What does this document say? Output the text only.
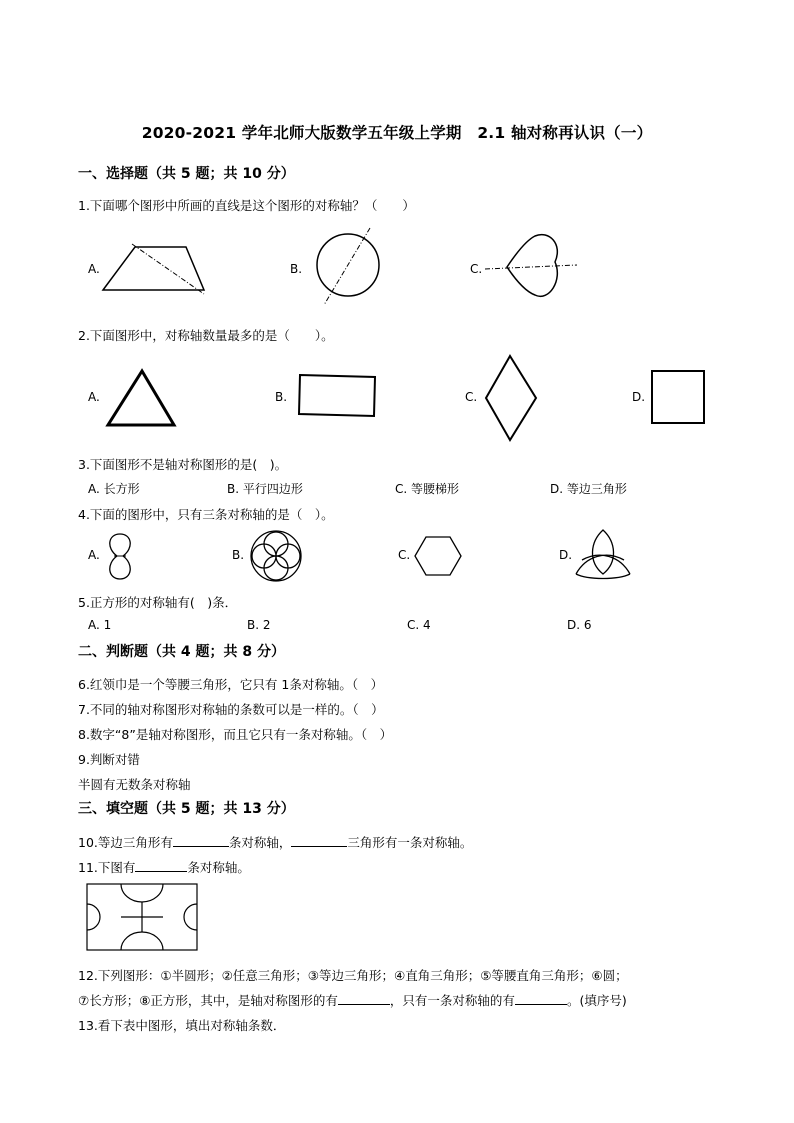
2020-2021 学年北师大版数学五年级上学期　2.1 轴对称再认识（一）
一、选择题（共 5 题；共 10 分）
1.下面哪个图形中所画的直线是这个图形的对称轴？（　　）
A.	B.	C.
2.下面图形中，对称轴数量最多的是（　　）。
A.	B.	C.	D.
3.下面图形不是轴对称图形的是(　)。
A. 长方形	B. 平行四边形	C. 等腰梯形	D. 等边三角形
4.下面的图形中，只有三条对称轴的是（　）。
A.	B.	C.	D.
5.正方形的对称轴有(　)条．
A. 1	B. 2	C. 4	D. 6
二、判断题（共 4 题；共 8 分）
6.红领巾是一个等腰三角形，它只有 1条对称轴。（　）
7.不同的轴对称图形对称轴的条数可以是一样的。（　）
8.数字“8”是轴对称图形，而且它只有一条对称轴。（　）
9.判断对错
半圆有无数条对称轴
三、填空题（共 5 题；共 13 分）
10.等边三角形有	条对称轴，	三角形有一条对称轴。
11.下图有	条对称轴。
12.下列图形：①半圆形；②任意三角形；③等边三角形；④直角三角形；⑤等腰直角三角形；⑥圆；
⑦长方形；⑧正方形，其中，是轴对称图形的有	，只有一条对称轴的有	。(填序号)
13.看下表中图形，填出对称轴条数．
